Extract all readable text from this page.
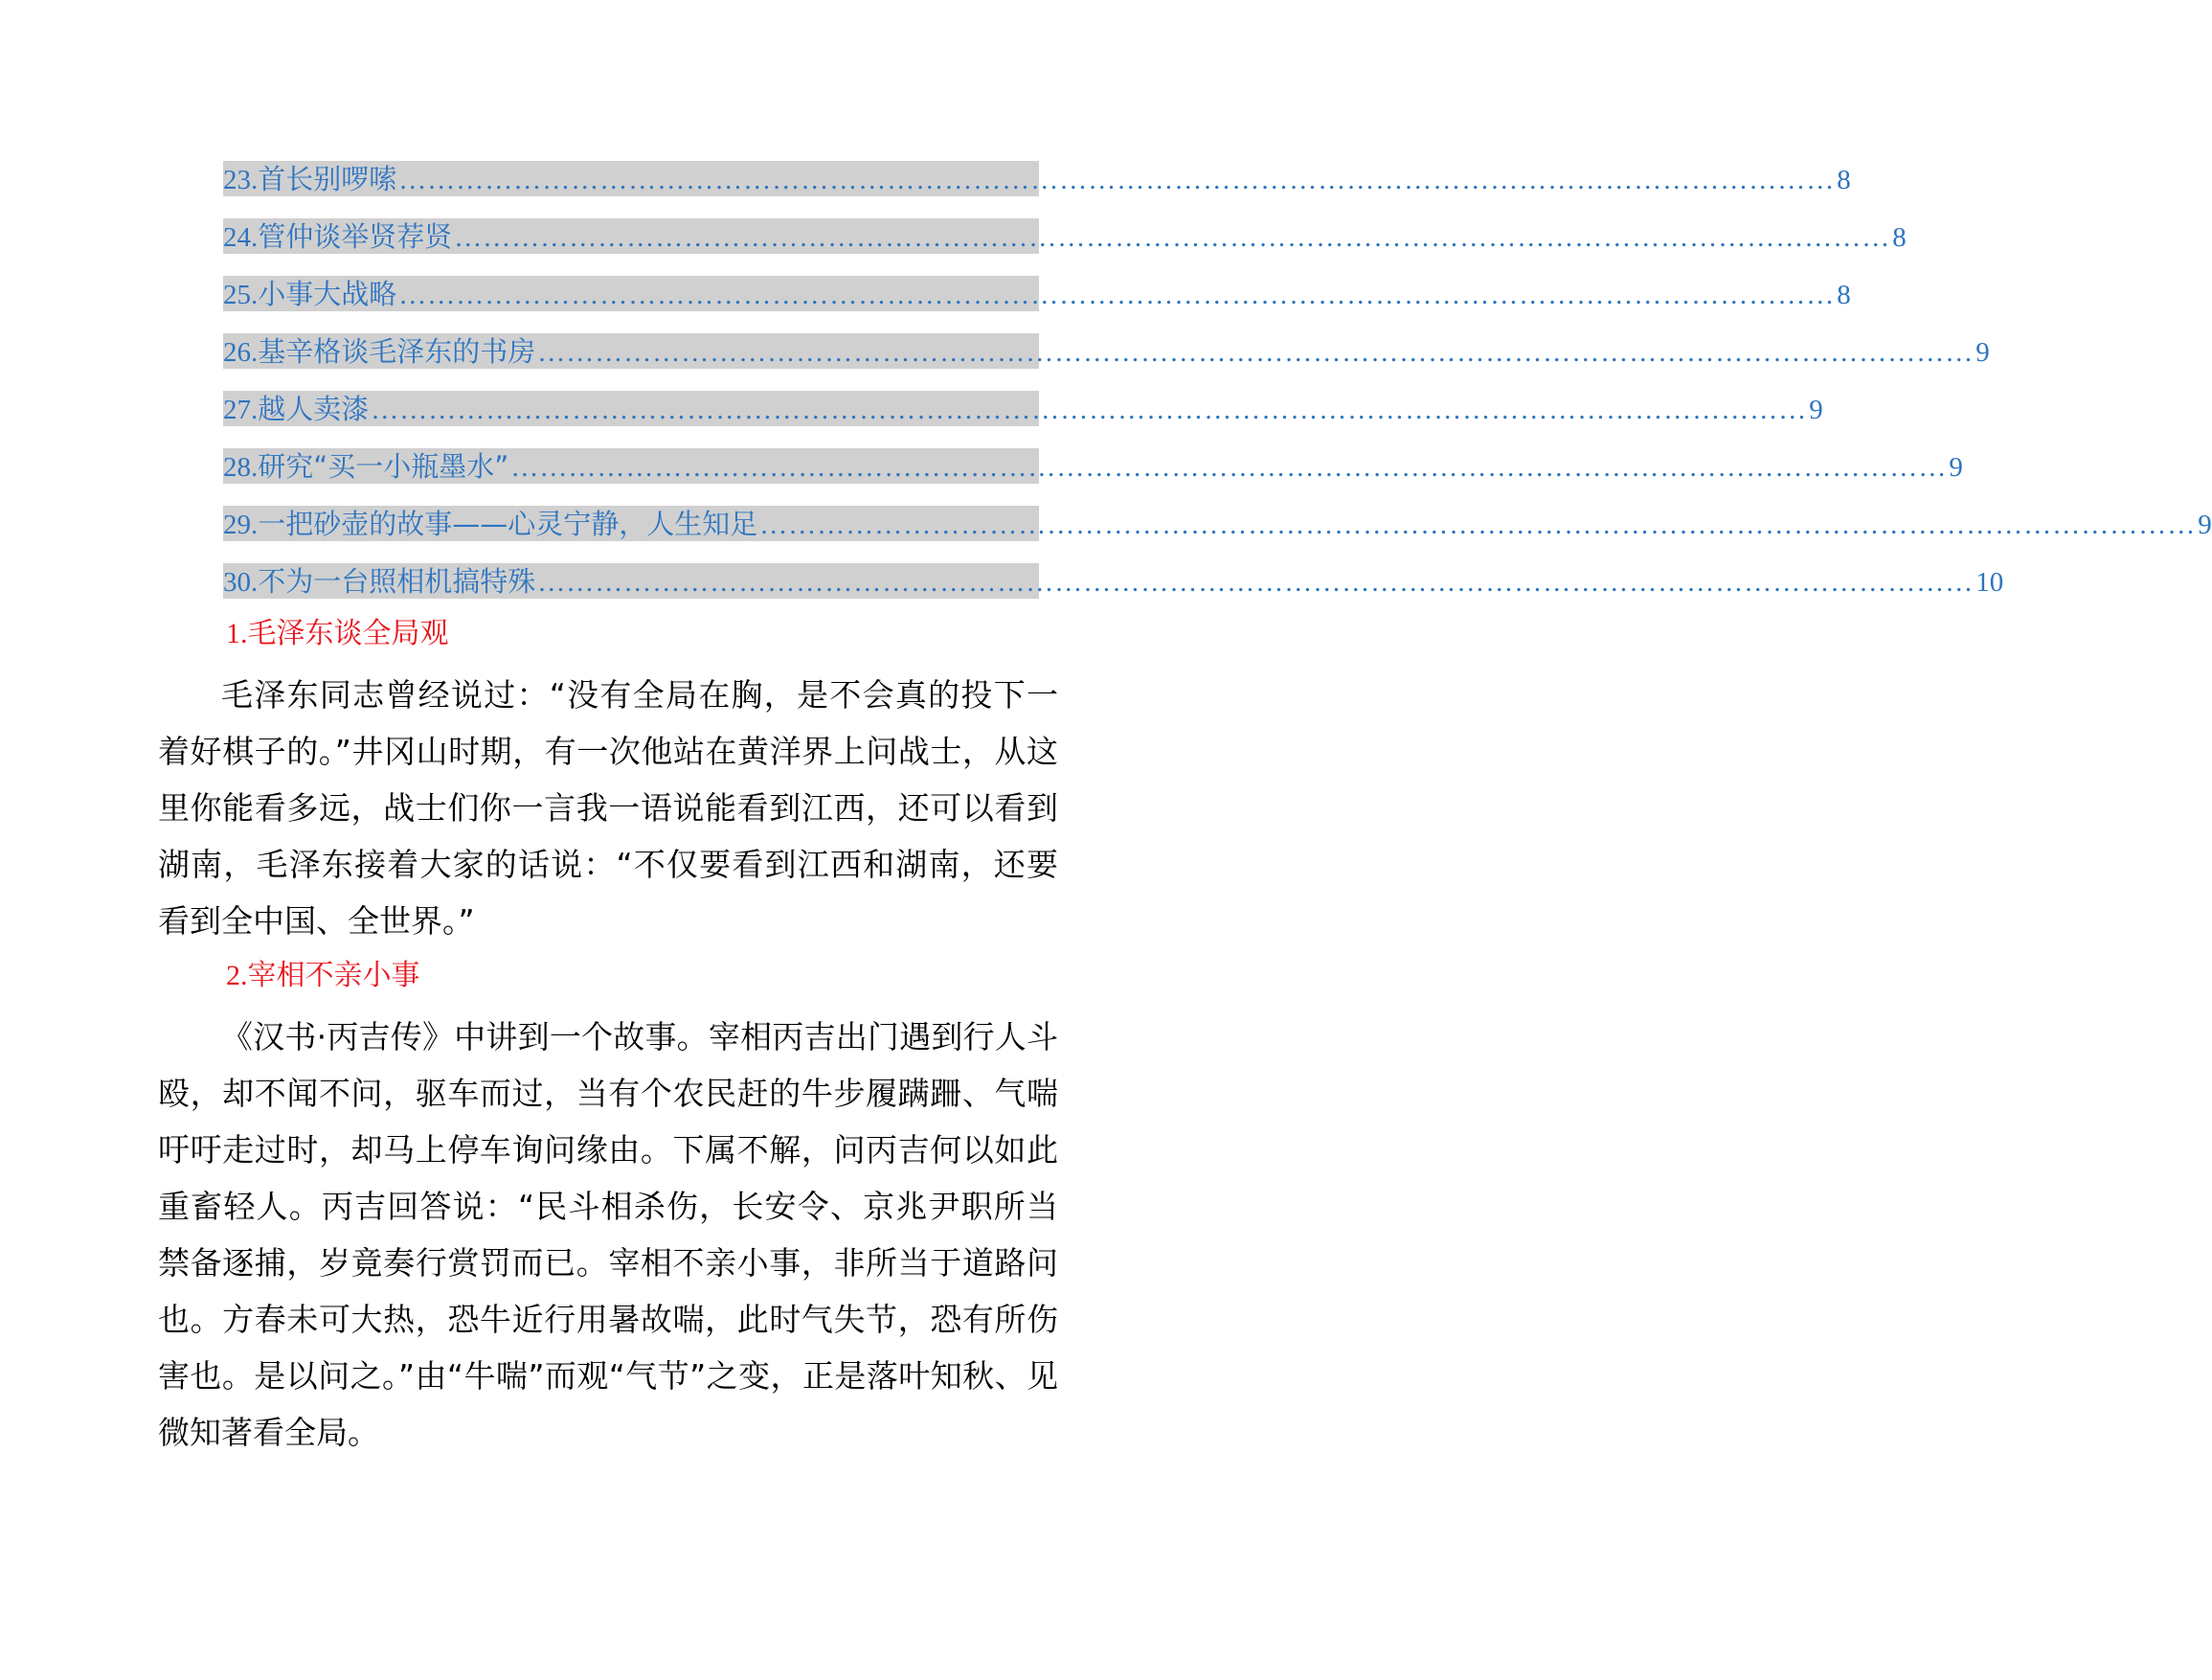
23.首长别啰嗦 …………………………………………………………………………………………………………………………………… 8
24.管仲谈举贤荐贤 …………………………………………………………………………………………………………………………………… 8
25.小事大战略 …………………………………………………………………………………………………………………………………… 8
26.基辛格谈毛泽东的书房 …………………………………………………………………………………………………………………………………… 9
27.越人卖漆 …………………………………………………………………………………………………………………………………… 9
28.研究“买一小瓶墨水” …………………………………………………………………………………………………………………………………… 9
29.一把砂壶的故事——心灵宁静，人生知足 …………………………………………………………………………………………………………………………………… 9
30.不为一台照相机搞特殊 …………………………………………………………………………………………………………………………………… 10
1.毛泽东谈全局观

毛泽东同志曾经说过：“没有全局在胸，是不会真的投下一着好棋子的。”井冈山时期，有一次他站在黄洋界上问战士，从这里你能看多远，战士们你一言我一语说能看到江西，还可以看到湖南，毛泽东接着大家的话说：“不仅要看到江西和湖南，还要看到全中国、全世界。”

2.宰相不亲小事

《汉书·丙吉传》中讲到一个故事。宰相丙吉出门遇到行人斗殴，却不闻不问，驱车而过，当有个农民赶的牛步履蹒跚、气喘吁吁走过时，却马上停车询问缘由。下属不解，问丙吉何以如此重畜轻人。丙吉回答说：“民斗相杀伤，长安令、京兆尹职所当禁备逐捕，岁竟奏行赏罚而已。宰相不亲小事，非所当于道路问也。方春未可大热，恐牛近行用暑故喘，此时气失节，恐有所伤害也。是以问之。”由“牛喘”而观“气节”之变，正是落叶知秋、见微知著看全局。
